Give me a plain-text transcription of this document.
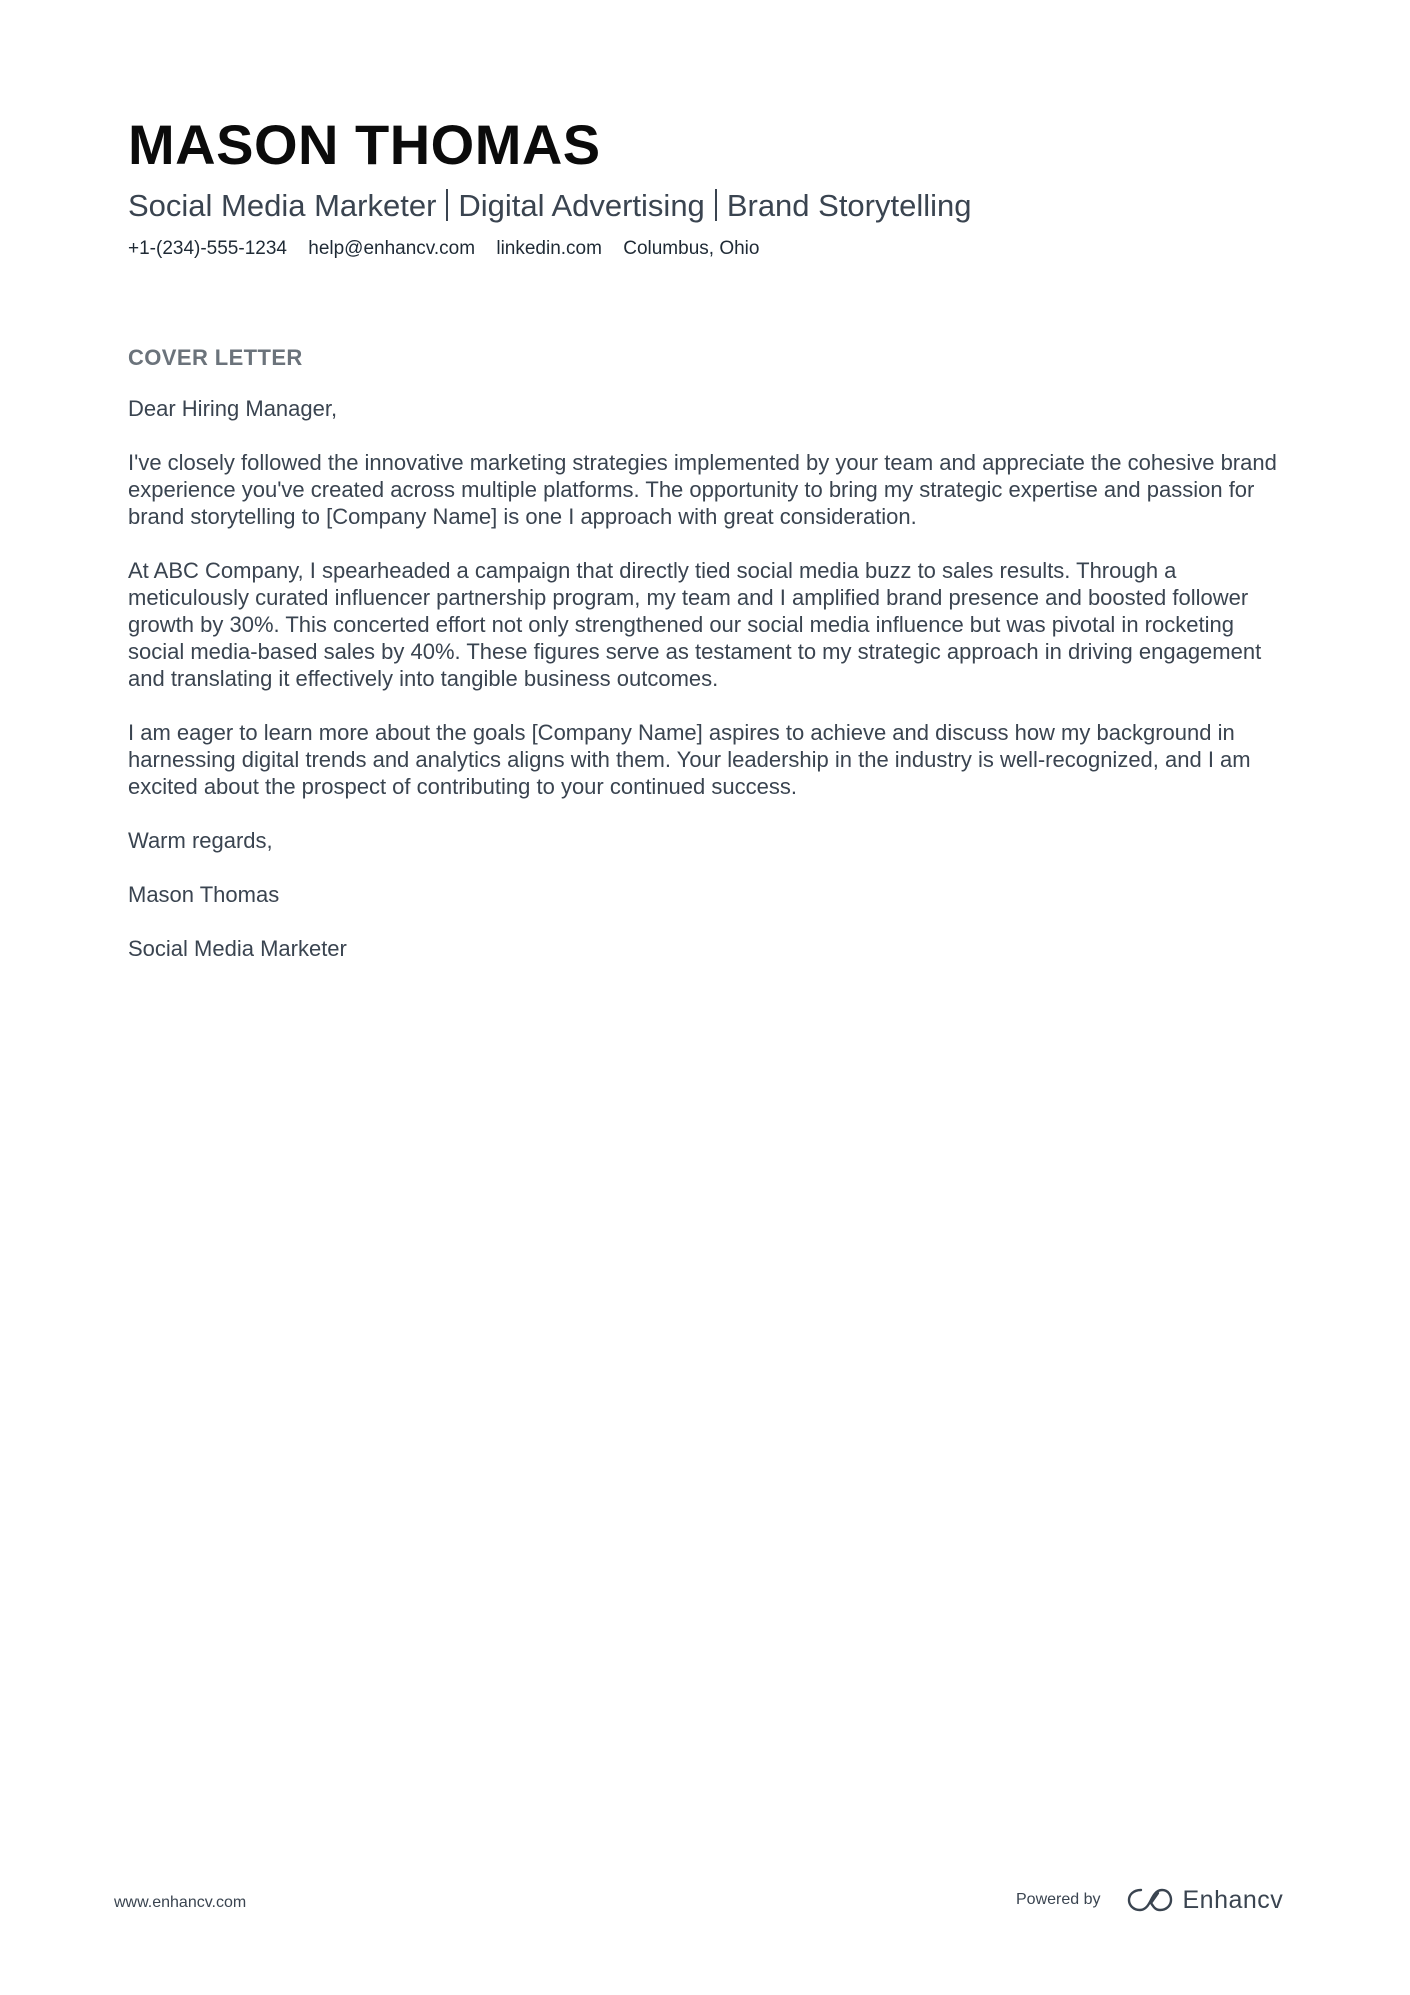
MASON THOMAS
Social Media Marketer Digital Advertising Brand Storytelling
+1-(234)-555-1234 help@enhancv.com linkedin.com Columbus, Ohio
COVER LETTER

Dear Hiring Manager,

I've closely followed the innovative marketing strategies implemented by your team and appreciate the cohesive brand experience you've created across multiple platforms. The opportunity to bring my strategic expertise and passion for brand storytelling to [Company Name] is one I approach with great consideration.

At ABC Company, I spearheaded a campaign that directly tied social media buzz to sales results. Through a meticulously curated influencer partnership program, my team and I amplified brand presence and boosted follower growth by 30%. This concerted effort not only strengthened our social media influence but was pivotal in rocketing social media-based sales by 40%. These figures serve as testament to my strategic approach in driving engagement and translating it effectively into tangible business outcomes.

I am eager to learn more about the goals [Company Name] aspires to achieve and discuss how my background in harnessing digital trends and analytics aligns with them. Your leadership in the industry is well-recognized, and I am excited about the prospect of contributing to your continued success.

Warm regards,

Mason Thomas

Social Media Marketer

www.enhancv.com	Powered by	Enhancv
